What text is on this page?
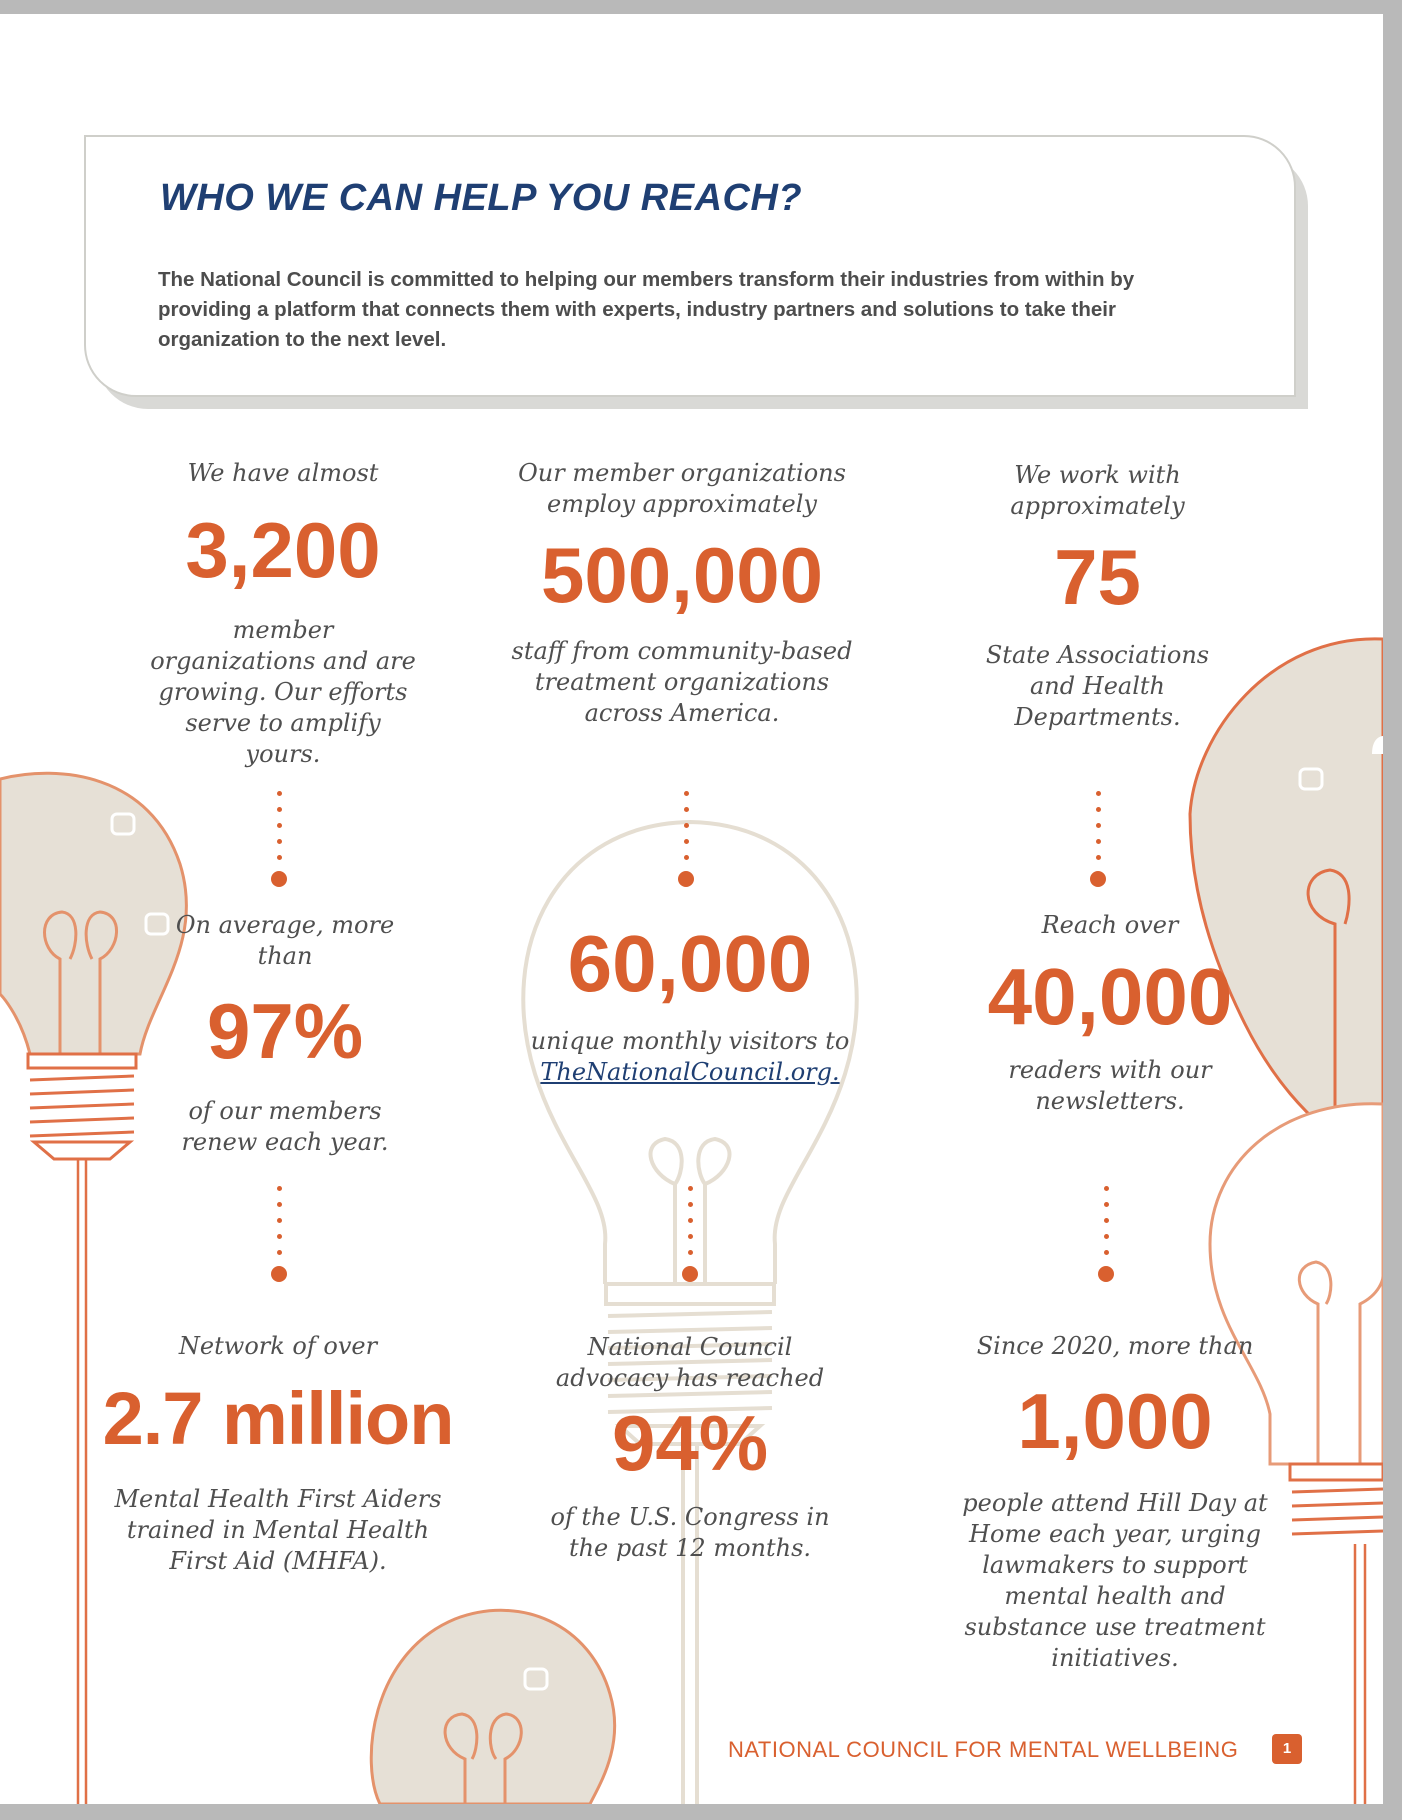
WHO WE CAN HELP YOU REACH?

The National Council is committed to helping our members transform their industries from within by providing a platform that connects them with experts, industry partners and solutions to take their organization to the next level.

We have almost

3,200

member organizations and are growing. Our efforts serve to amplify yours.

Our member organizations employ approximately

500,000

staff from community-based treatment organizations across America.

We work with approximately

75

State Associations and Health Departments.

On average, more than

97%

of our members renew each year.

60,000

unique monthly visitors to

TheNationalCouncil.org.

Reach over

40,000

readers with our newsletters.

Network of over

2.7 million

Mental Health First Aiders trained in Mental Health First Aid (MHFA).

National Council advocacy has reached

94%

of the U.S. Congress in the past 12 months.

Since 2020, more than

1,000

people attend Hill Day at Home each year, urging lawmakers to support mental health and substance use treatment initiatives.

NATIONAL COUNCIL FOR MENTAL WELLBEING	1
